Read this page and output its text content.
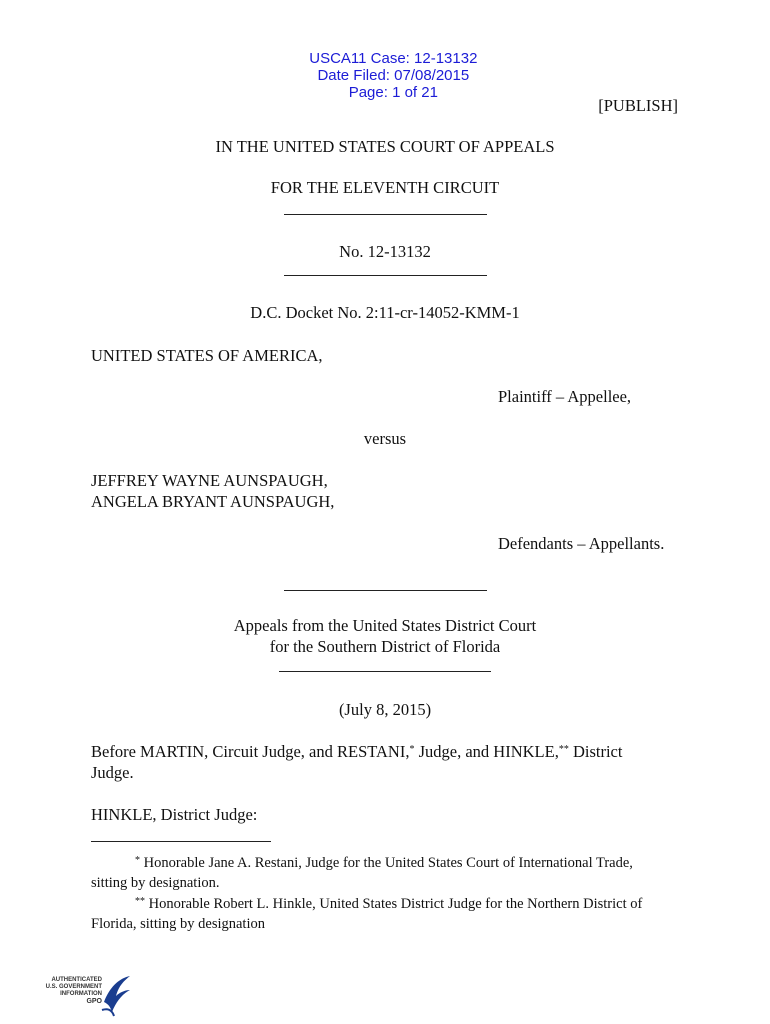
USCA11 Case: 12-13132
Date Filed: 07/08/2015
Page: 1 of 21

[PUBLISH]
IN THE UNITED STATES COURT OF APPEALS
FOR THE ELEVENTH CIRCUIT
No. 12-13132
D.C. Docket No. 2:11-cr-14052-KMM-1
UNITED STATES OF AMERICA,
Plaintiff – Appellee,
versus
JEFFREY WAYNE AUNSPAUGH,
ANGELA BRYANT AUNSPAUGH,
Defendants – Appellants.
Appeals from the United States District Court
for the Southern District of Florida
(July 8, 2015)
Before MARTIN, Circuit Judge, and RESTANI,* Judge, and HINKLE,** District
Judge.
HINKLE, District Judge:
* Honorable Jane A. Restani, Judge for the United States Court of International Trade,
sitting by designation.
** Honorable Robert L. Hinkle, United States District Judge for the Northern District of
Florida, sitting by designation
AUTHENTICATED
U.S. GOVERNMENT
INFORMATION
GPO
